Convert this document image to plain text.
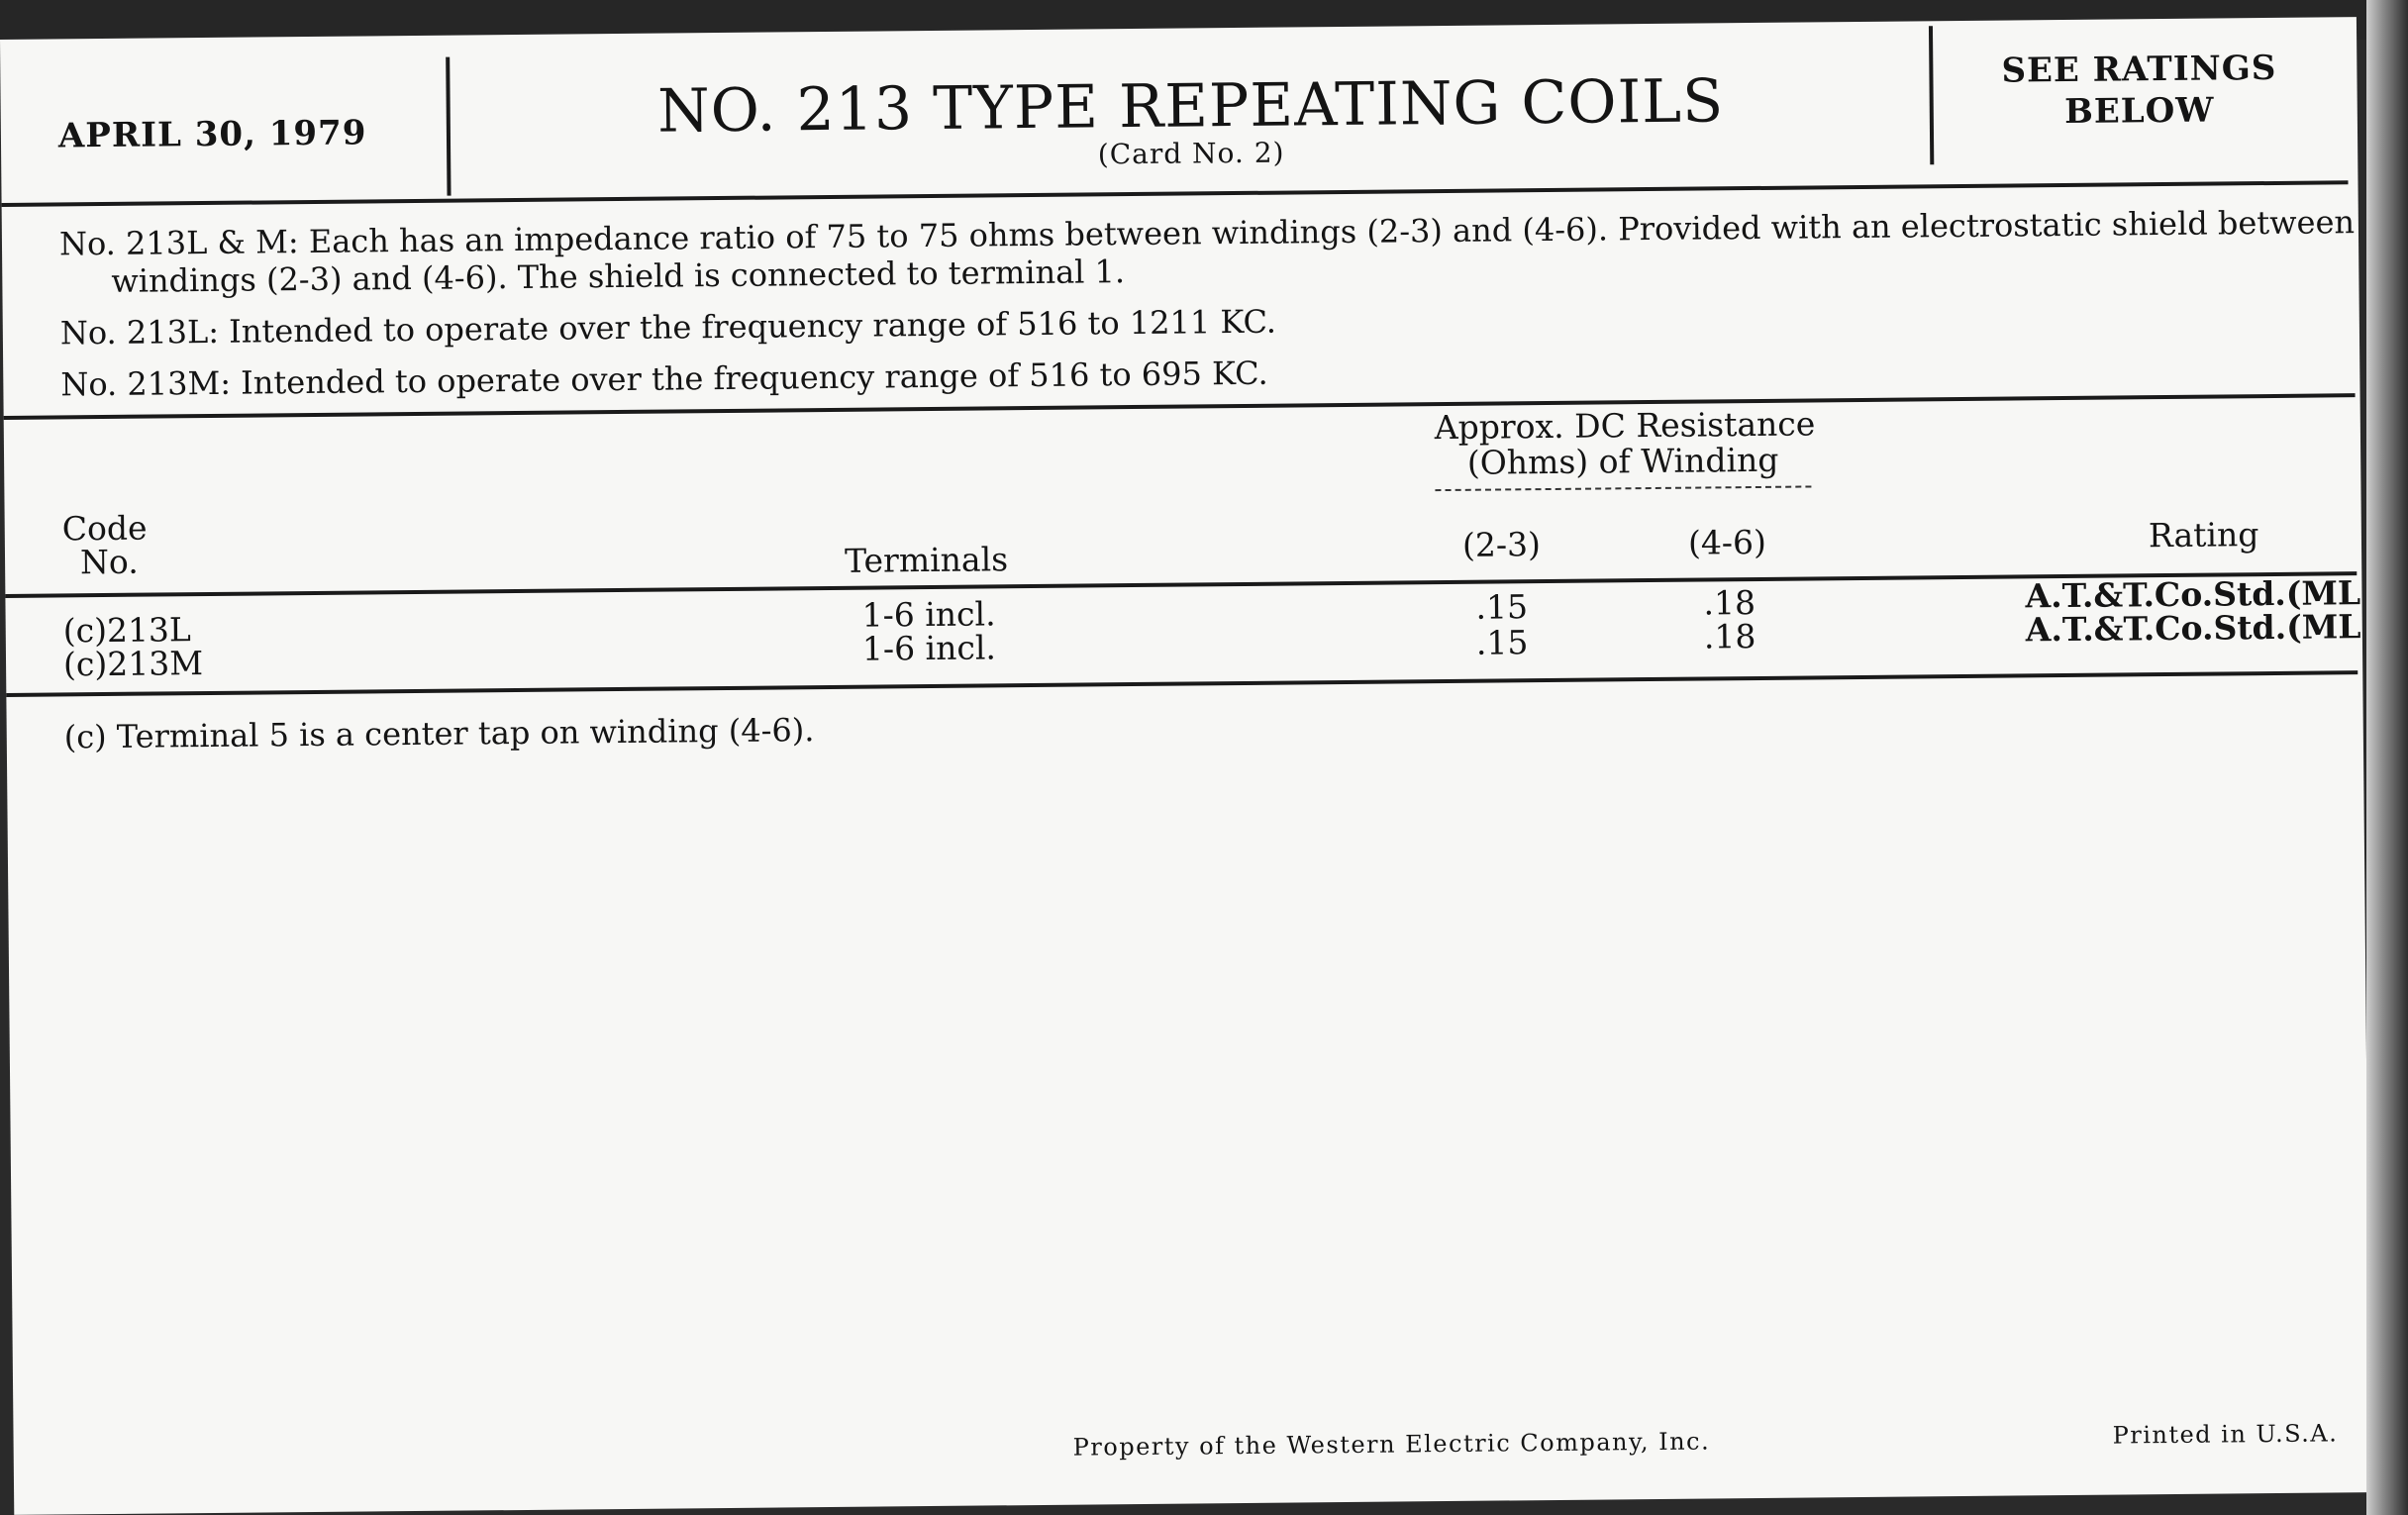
APRIL 30, 1979	NO. 213 TYPE REPEATING COILS
(Card No. 2)
SEE RATINGS
BELOW
No. 213L & M: Each has an impedance ratio of 75 to 75 ohms between windings (2-3) and (4-6). Provided with an electrostatic shield between
windings (2-3) and (4-6). The shield is connected to terminal 1.
No. 213L: Intended to operate over the frequency range of 516 to 1211 KC.
No. 213M: Intended to operate over the frequency range of 516 to 695 KC.
Approx. DC Resistance
(Ohms) of Winding
Code
No.	Terminals	(2-3)	(4-6)	Rating
(c)213L	1-6 incl.	.15	.18	A.T.&T.Co.Std.(ML
(c)213M	1-6 incl.	.15	.18	A.T.&T.Co.Std.(ML
(c) Terminal 5 is a center tap on winding (4-6).
Property of the Western Electric Company, Inc.	Printed in U.S.A.
